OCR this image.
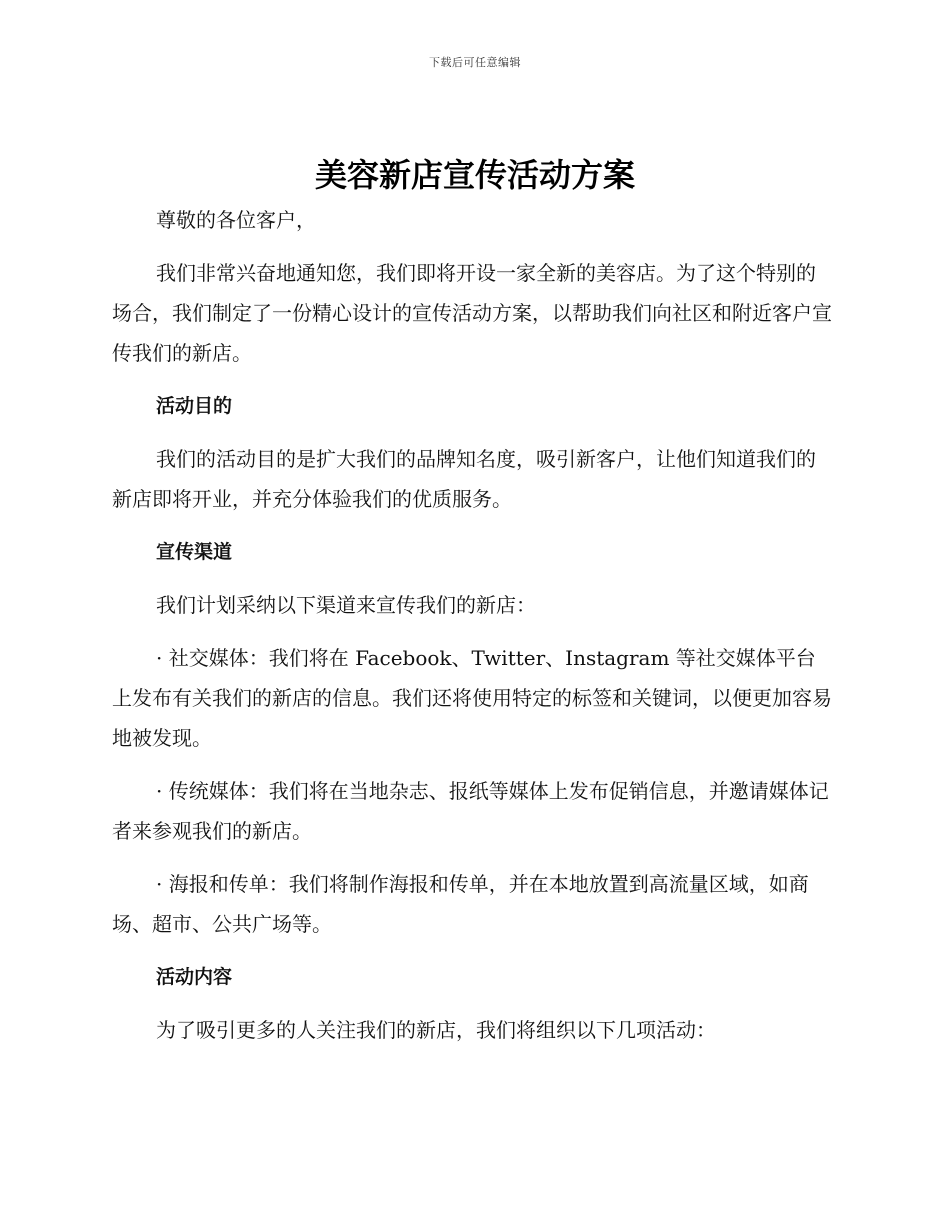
下载后可任意编辑
美容新店宣传活动方案

尊敬的各位客户，

我们非常兴奋地通知您，我们即将开设一家全新的美容店。为了这个特别的场合，我们制定了一份精心设计的宣传活动方案，以帮助我们向社区和附近客户宣传我们的新店。

活动目的

我们的活动目的是扩大我们的品牌知名度，吸引新客户，让他们知道我们的新店即将开业，并充分体验我们的优质服务。

宣传渠道

我们计划采纳以下渠道来宣传我们的新店：

· 社交媒体：我们将在 Facebook、Twitter、Instagram 等社交媒体平台上发布有关我们的新店的信息。我们还将使用特定的标签和关键词，以便更加容易地被发现。

· 传统媒体：我们将在当地杂志、报纸等媒体上发布促销信息，并邀请媒体记者来参观我们的新店。

· 海报和传单：我们将制作海报和传单，并在本地放置到高流量区域，如商场、超市、公共广场等。

活动内容

为了吸引更多的人关注我们的新店，我们将组织以下几项活动：
